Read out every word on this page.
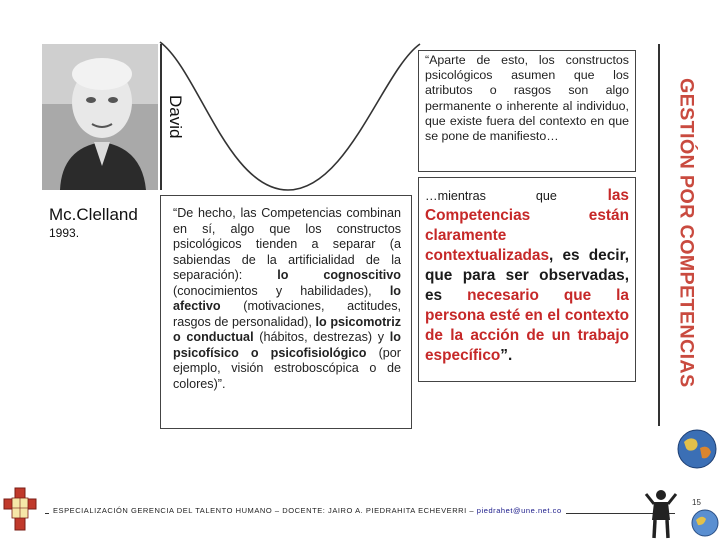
David
Mc.Clelland
1993.
“De hecho, las Competencias combinan en sí, algo que los constructos psicológicos tienden a separar (a sabiendas de la artificialidad de la separación):	lo cognoscitivo (conocimientos y habilidades), lo afectivo (motivaciones, actitudes, rasgos de personalidad), lo psicomotriz o conductual (hábitos, destrezas) y lo psicofísico o psicofisiológico (por ejemplo, visión estroboscópica o de colores)”.
“Aparte de esto, los constructos psicológicos asumen que los atributos o rasgos son algo permanente o inherente al individuo, que existe fuera del contexto en que se pone de manifiesto…
…mientras que	las Competencias están claramente contextualizadas, es decir, que para ser observadas, es necesario que la persona esté en el contexto de la acción de un trabajo específico”.	GESTIÓN POR COMPETENCIAS
ESPECIALIZACIÓN GERENCIA DEL TALENTO HUMANO – DOCENTE: JAIRO A. PIEDRAHITA ECHEVERRI – piedrahet@une.net.co
15
